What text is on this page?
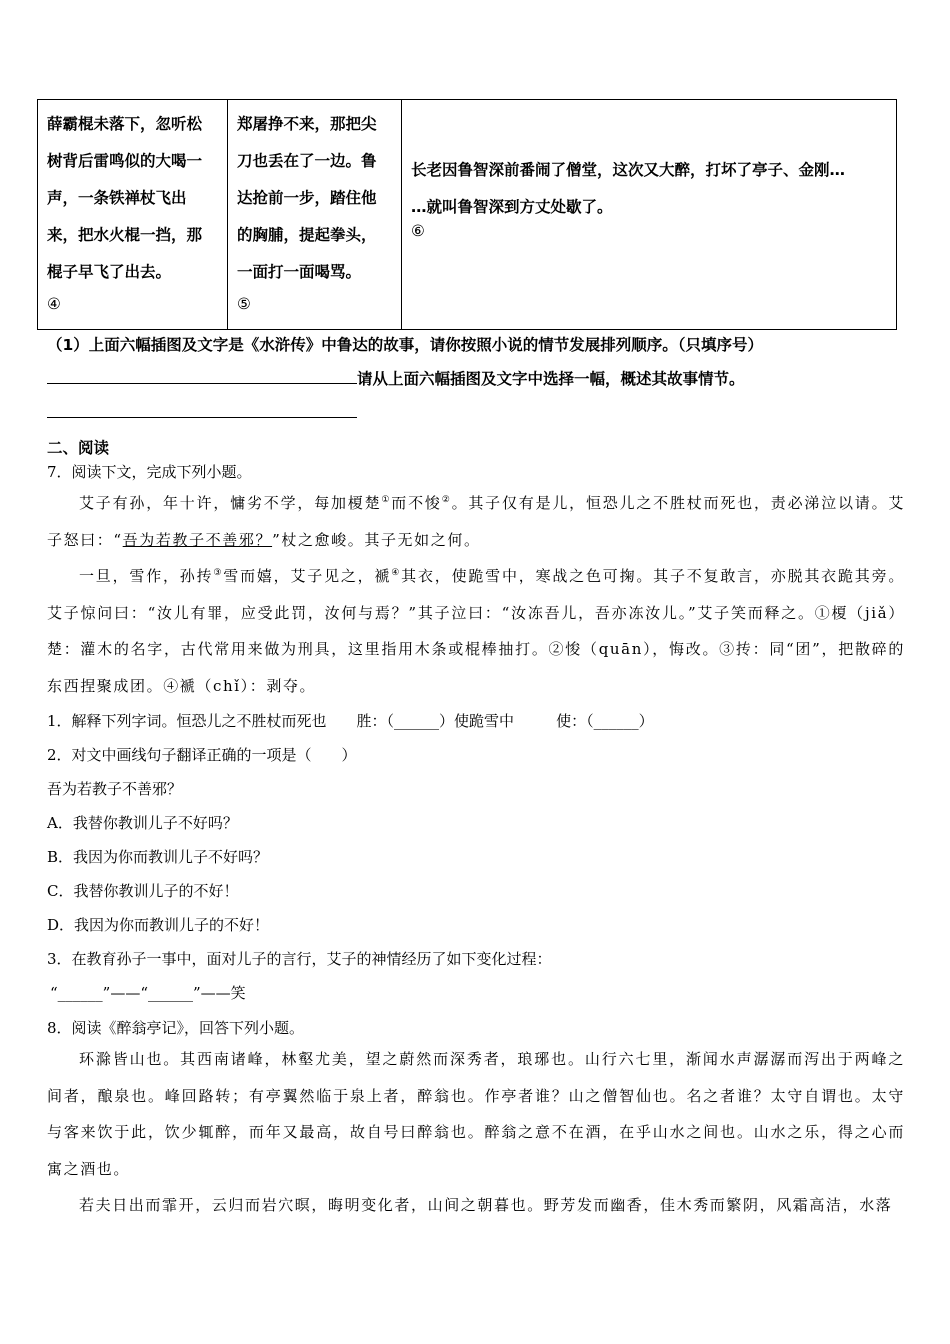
薛霸棍未落下，忽听松
树背后雷鸣似的大喝一
声，一条铁禅杖飞出
来，把水火棍一挡，那
棍子早飞了出去。
④
郑屠挣不来，那把尖
刀也丢在了一边。鲁
达抢前一步，踏住他
的胸脯，提起拳头，
一面打一面喝骂。
⑤
长老因鲁智深前番闹了僧堂，这次又大醉，打坏了亭子、金刚…
…就叫鲁智深到方丈处歇了。
⑥
（1）上面六幅插图及文字是《水浒传》中鲁达的故事，请你按照小说的情节发展排列顺序。（只填序号）
请从上面六幅插图及文字中选择一幅，概述其故事情节。
二、阅读
7．阅读下文，完成下列小题。

艾子有孙，年十许，慵劣不学，每加榎楚①而不悛②。其子仅有是儿，恒恐儿之不胜杖而死也，责必涕泣以请。艾子怒曰：“吾为若教子不善邪？”杖之愈峻。其子无如之何。

一旦，雪作，孙抟③雪而嬉，艾子见之，褫④其衣，使跪雪中，寒战之色可掬。其子不复敢言，亦脱其衣跪其旁。艾子惊问曰：“汝儿有罪，应受此罚，汝何与焉？”其子泣曰：“汝冻吾儿，吾亦冻汝儿。”艾子笑而释之。①榎（jiǎ）楚：灌木的名字，古代常用来做为刑具，这里指用木条或棍棒抽打。②悛（quān），悔改。③抟：同“团”，把散碎的东西捏聚成团。④褫（chǐ）：剥夺。

1．解释下列字词。恒恐儿之不胜杖而死也 胜：（______）使跪雪中	使：（______）
2．对文中画线句子翻译正确的一项是（　　）
吾为若教子不善邪？
A．我替你教训儿子不好吗？
B．我因为你而教训儿子不好吗？
C．我替你教训儿子的不好！
D．我因为你而教训儿子的不好！
3．在教育孙子一事中，面对儿子的言行，艾子的神情经历了如下变化过程：
“______”——“______”——笑
8．阅读《醉翁亭记》，回答下列小题。

环滁皆山也。其西南诸峰，林壑尤美，望之蔚然而深秀者，琅琊也。山行六七里，渐闻水声潺潺而泻出于两峰之间者，酿泉也。峰回路转；有亭翼然临于泉上者，醉翁也。作亭者谁？山之僧智仙也。名之者谁？太守自谓也。太守与客来饮于此，饮少辄醉，而年又最高，故自号曰醉翁也。醉翁之意不在酒，在乎山水之间也。山水之乐，得之心而寓之酒也。

若夫日出而霏开，云归而岩穴暝，晦明变化者，山间之朝暮也。野芳发而幽香，佳木秀而繁阴，风霜高洁，水落
